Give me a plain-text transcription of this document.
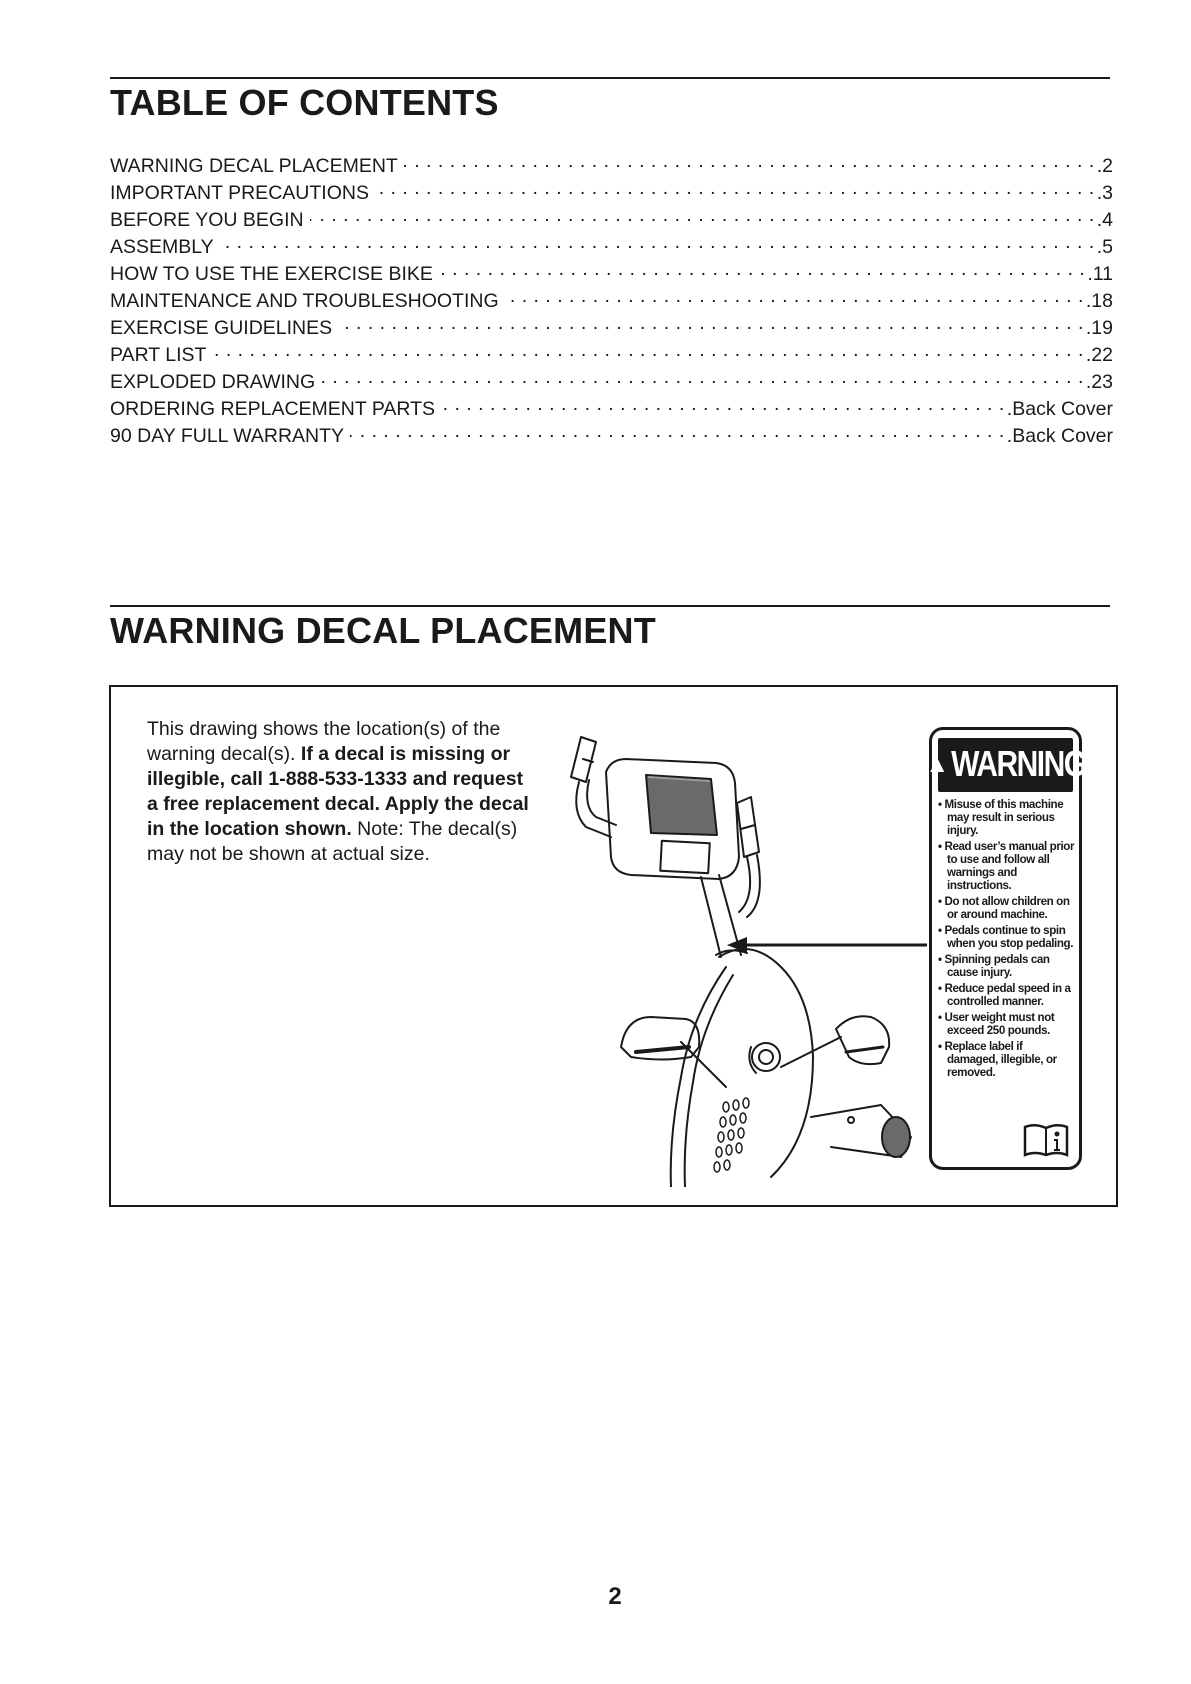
TABLE OF CONTENTS
WARNING DECAL PLACEMENT . . .	.2
IMPORTANT PRECAUTIONS . . .	.3
BEFORE YOU BEGIN . . .	.4
ASSEMBLY . . .	.5
HOW TO USE THE EXERCISE BIKE . . .	.11
MAINTENANCE AND TROUBLESHOOTING . . .	.18
EXERCISE GUIDELINES . . .	.19
PART LIST . . .	.22
EXPLODED DRAWING . . .	.23
ORDERING REPLACEMENT PARTS . . .	.Back Cover
90 DAY FULL WARRANTY . . .	.Back Cover
WARNING DECAL PLACEMENT

This drawing shows the location(s) of the warning decal(s). If a decal is missing or illegible, call 1-888-533-1333 and request a free replacement decal. Apply the decal in the location shown. Note: The decal(s) may not be shown at actual size.

▲ WARNING
• Misuse of this machine may result in serious injury.
• Read user’s manual prior to use and follow all warnings and instructions.
• Do not allow children on or around machine.
• Pedals continue to spin when you stop pedaling.
• Spinning pedals can cause injury.
• Reduce pedal speed in a controlled manner.
• User weight must not exceed 250 pounds.
• Replace label if damaged, illegible, or removed.
2
